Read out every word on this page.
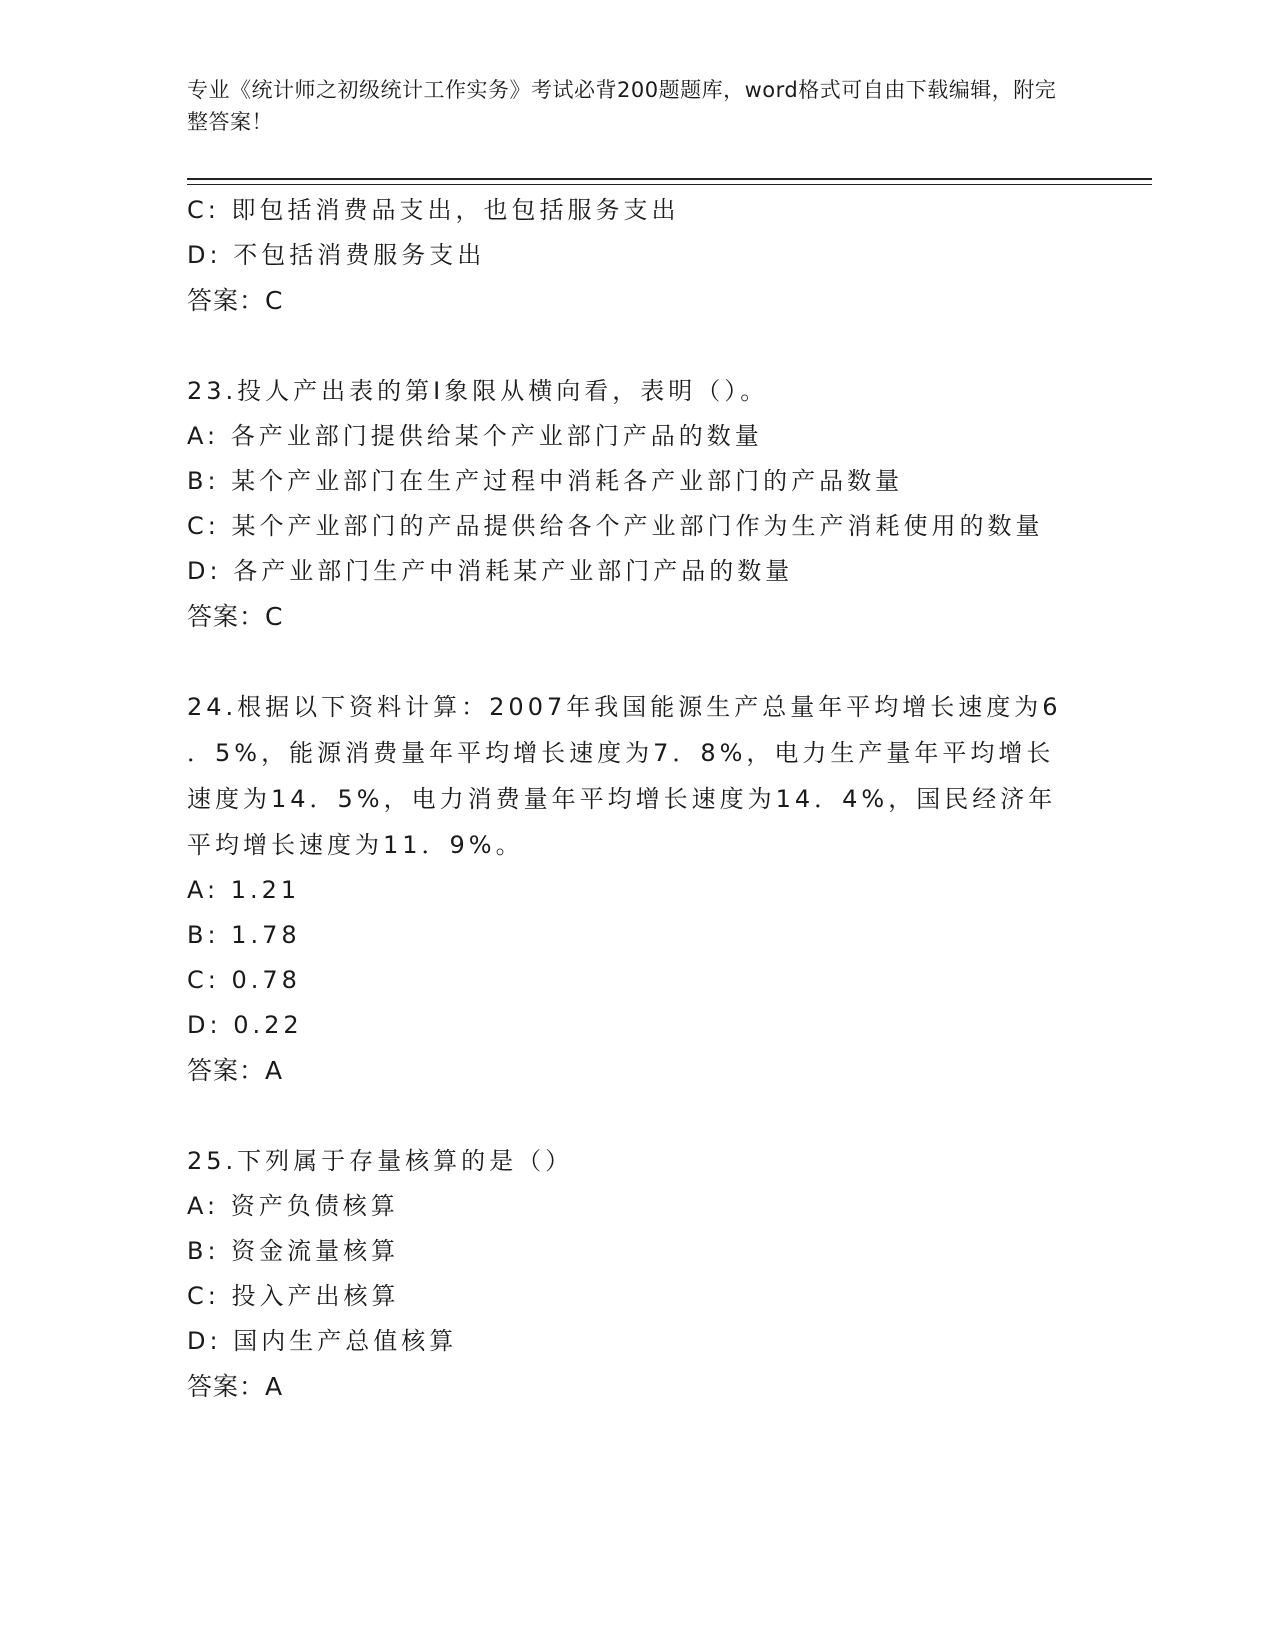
专业《统计师之初级统计工作实务》考试必背200题题库，word格式可自由下载编辑，附完整答案！
C: 即包括消费品支出，也包括服务支出
D: 不包括消费服务支出
答案：C
23.投人产出表的第Ⅰ象限从横向看，表明（）。
A: 各产业部门提供给某个产业部门产品的数量
B: 某个产业部门在生产过程中消耗各产业部门的产品数量
C: 某个产业部门的产品提供给各个产业部门作为生产消耗使用的数量
D: 各产业部门生产中消耗某产业部门产品的数量
答案：C
24.根据以下资料计算：2007年我国能源生产总量年平均增长速度为6
．5%，能源消费量年平均增长速度为7．8%，电力生产量年平均增长
速度为14．5%，电力消费量年平均增长速度为14．4%，国民经济年
平均增长速度为11．9%。
A: 1.21
B: 1.78
C: 0.78
D: 0.22
答案：A
25.下列属于存量核算的是（）
A: 资产负债核算
B: 资金流量核算
C: 投入产出核算
D: 国内生产总值核算
答案：A
